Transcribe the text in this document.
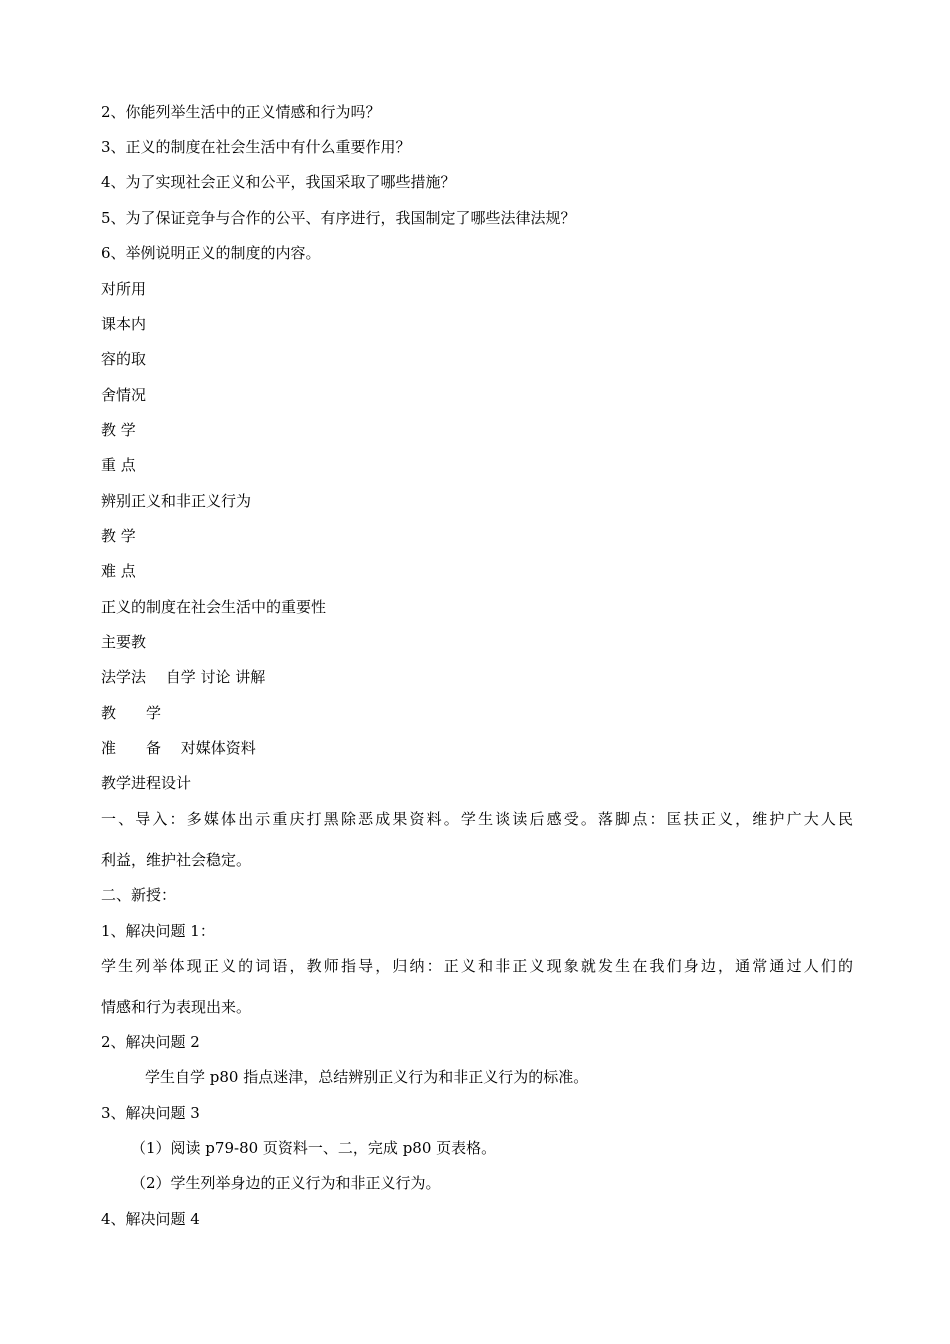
2、你能列举生活中的正义情感和行为吗？
3、正义的制度在社会生活中有什么重要作用？
4、为了实现社会正义和公平，我国采取了哪些措施？
5、为了保证竞争与合作的公平、有序进行，我国制定了哪些法律法规？
6、举例说明正义的制度的内容。
对所用
课本内
容的取
舍情况
教 学
重 点
辨别正义和非正义行为
教 学
难 点
正义的制度在社会生活中的重要性
主要教
法学法　 自学 讨论 讲解
教　　学
准　　备　 对媒体资料
教学进程设计
一、导入：多媒体出示重庆打黑除恶成果资料。学生谈读后感受。落脚点：匡扶正义，维护广大人民
利益，维护社会稳定。
二、新授：
1、解决问题 1：
学生列举体现正义的词语，教师指导，归纳：正义和非正义现象就发生在我们身边，通常通过人们的
情感和行为表现出来。
2、解决问题 2
学生自学 p80 指点迷津，总结辨别正义行为和非正义行为的标准。
3、解决问题 3
（1）阅读 p79-80 页资料一、二，完成 p80 页表格。
（2）学生列举身边的正义行为和非正义行为。
4、解决问题 4
